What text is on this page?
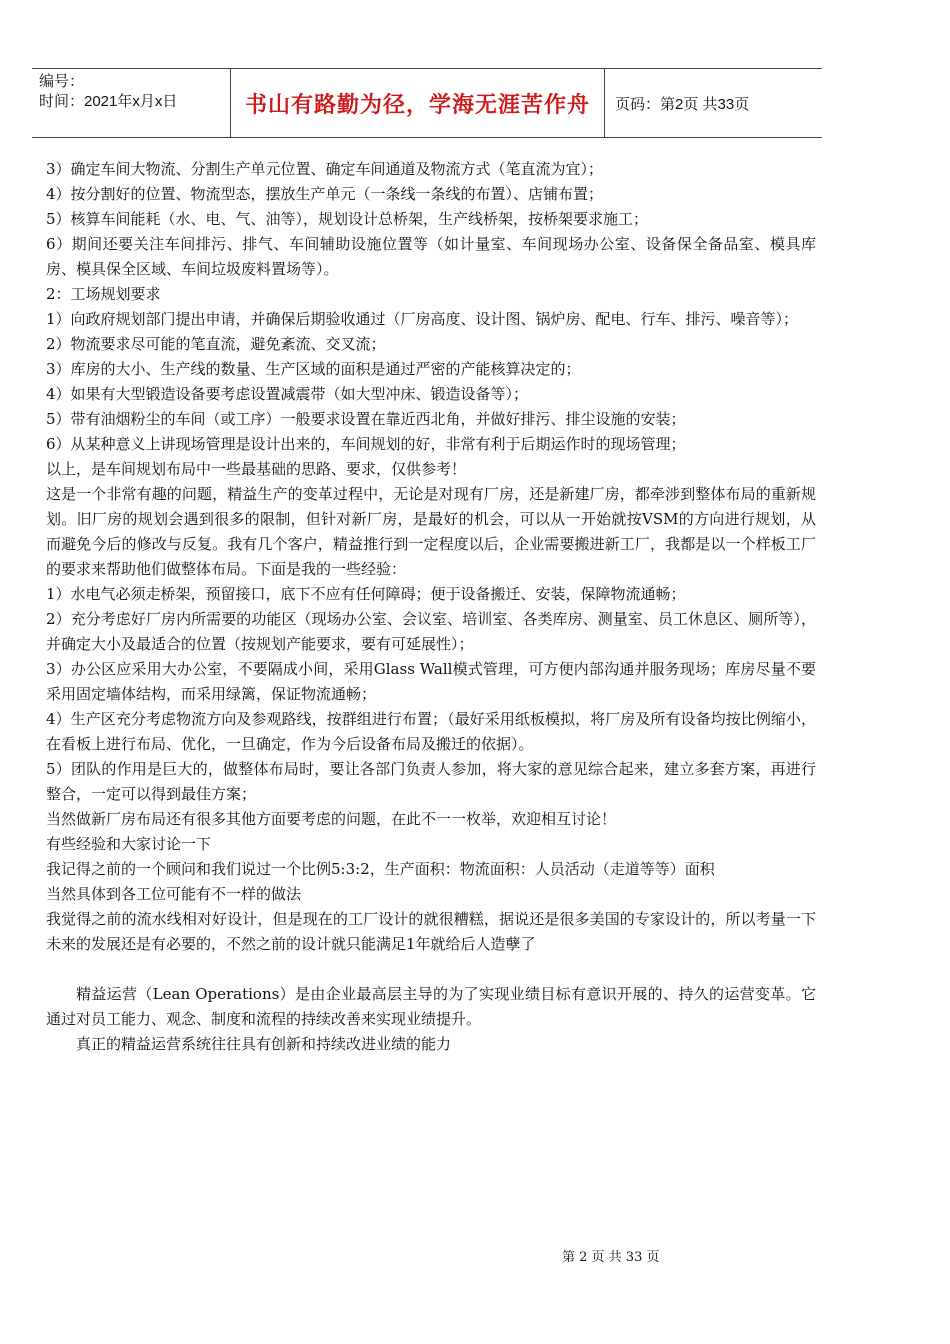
编号：
时间：2021年x月x日	书山有路勤为径，学海无涯苦作舟 页码：第2页 共33页

3）确定车间大物流、分割生产单元位置、确定车间通道及物流方式（笔直流为宜）；

4）按分割好的位置、物流型态，摆放生产单元（一条线一条线的布置）、店铺布置；

5）核算车间能耗（水、电、气、油等），规划设计总桥架，生产线桥架，按桥架要求施工；

6）期间还要关注车间排污、排气、车间辅助设施位置等（如计量室、车间现场办公室、设备保全备品室、模具库房、模具保全区域、车间垃圾废料置场等）。

2：工场规划要求

1）向政府规划部门提出申请，并确保后期验收通过（厂房高度、设计图、锅炉房、配电、行车、排污、噪音等）；

2）物流要求尽可能的笔直流，避免紊流、交叉流；

3）库房的大小、生产线的数量、生产区域的面积是通过严密的产能核算决定的；

4）如果有大型锻造设备要考虑设置减震带（如大型冲床、锻造设备等）；

5）带有油烟粉尘的车间（或工序）一般要求设置在靠近西北角，并做好排污、排尘设施的安装；

6）从某种意义上讲现场管理是设计出来的，车间规划的好，非常有利于后期运作时的现场管理；

以上，是车间规划布局中一些最基础的思路、要求，仅供参考！

这是一个非常有趣的问题，精益生产的变革过程中，无论是对现有厂房，还是新建厂房，都牵涉到整体布局的重新规划。旧厂房的规划会遇到很多的限制，但针对新厂房，是最好的机会，可以从一开始就按VSM的方向进行规划，从而避免今后的修改与反复。我有几个客户，精益推行到一定程度以后，企业需要搬进新工厂，我都是以一个样板工厂的要求来帮助他们做整体布局。下面是我的一些经验：

1）水电气必须走桥架，预留接口，底下不应有任何障碍；便于设备搬迁、安装，保障物流通畅；

2）充分考虑好厂房内所需要的功能区（现场办公室、会议室、培训室、各类库房、测量室、员工休息区、厕所等），并确定大小及最适合的位置（按规划产能要求，要有可延展性）；

3）办公区应采用大办公室，不要隔成小间，采用Glass Wall模式管理，可方便内部沟通并服务现场；库房尽量不要采用固定墙体结构，而采用绿篱，保证物流通畅；

4）生产区充分考虑物流方向及参观路线，按群组进行布置；（最好采用纸板模拟，将厂房及所有设备均按比例缩小，在看板上进行布局、优化，一旦确定，作为今后设备布局及搬迁的依据）。

5）团队的作用是巨大的，做整体布局时，要让各部门负责人参加，将大家的意见综合起来，建立多套方案，再进行整合，一定可以得到最佳方案；

当然做新厂房布局还有很多其他方面要考虑的问题，在此不一一枚举，欢迎相互讨论！

有些经验和大家讨论一下

我记得之前的一个顾问和我们说过一个比例5:3:2，生产面积：物流面积：人员活动（走道等等）面积

当然具体到各工位可能有不一样的做法

我觉得之前的流水线相对好设计，但是现在的工厂设计的就很糟糕，据说还是很多美国的专家设计的，所以考量一下未来的发展还是有必要的，不然之前的设计就只能满足1年就给后人造孽了

精益运营（Lean Operations）是由企业最高层主导的为了实现业绩目标有意识开展的、持久的运营变革。它通过对员工能力、观念、制度和流程的持续改善来实现业绩提升。

真正的精益运营系统往往具有创新和持续改进业绩的能力

第 2 页 共 33 页
